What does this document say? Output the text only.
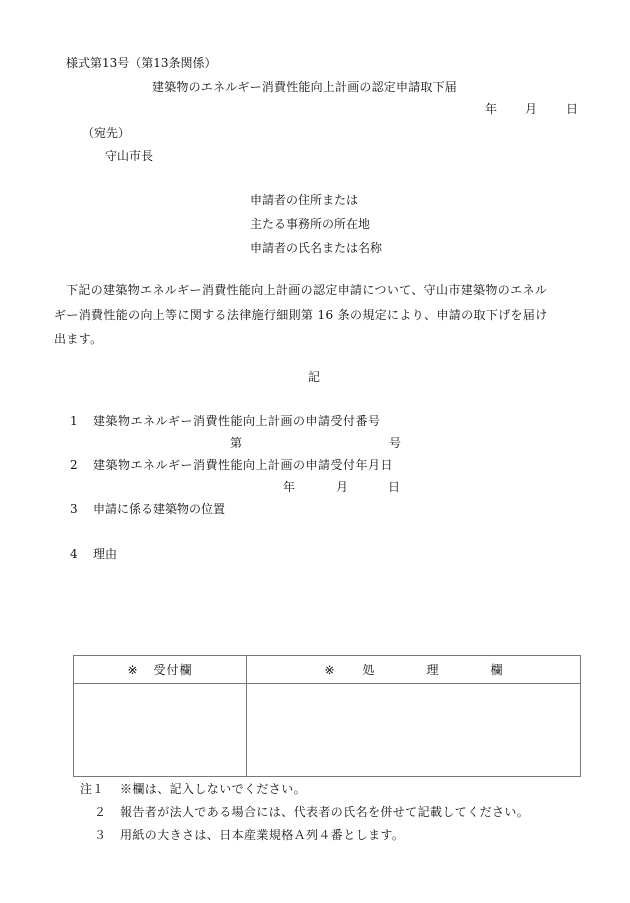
様式第13号（第13条関係）
建築物のエネルギー消費性能向上計画の認定申請取下届
年 月 日
（宛先）
守山市長
申請者の住所または
主たる事務所の所在地
申請者の氏名または名称
下記の建築物エネルギー消費性能向上計画の認定申請について、守山市建築物のエネル
ギー消費性能の向上等に関する法律施行細則第 16 条の規定により、申請の取下げを届け
出ます。
記
1 建築物エネルギー消費性能向上計画の申請受付番号
第	号
2 建築物エネルギー消費性能向上計画の申請受付年月日
年	月	日
3 申請に係る建築物の位置
4 理由
※ 受付欄	※ 処 理 欄

注１ ※欄は、記入しないでください。
２ 報告者が法人である場合には、代表者の氏名を併せて記載してください。
３ 用紙の大きさは、日本産業規格Ａ列４番とします。
